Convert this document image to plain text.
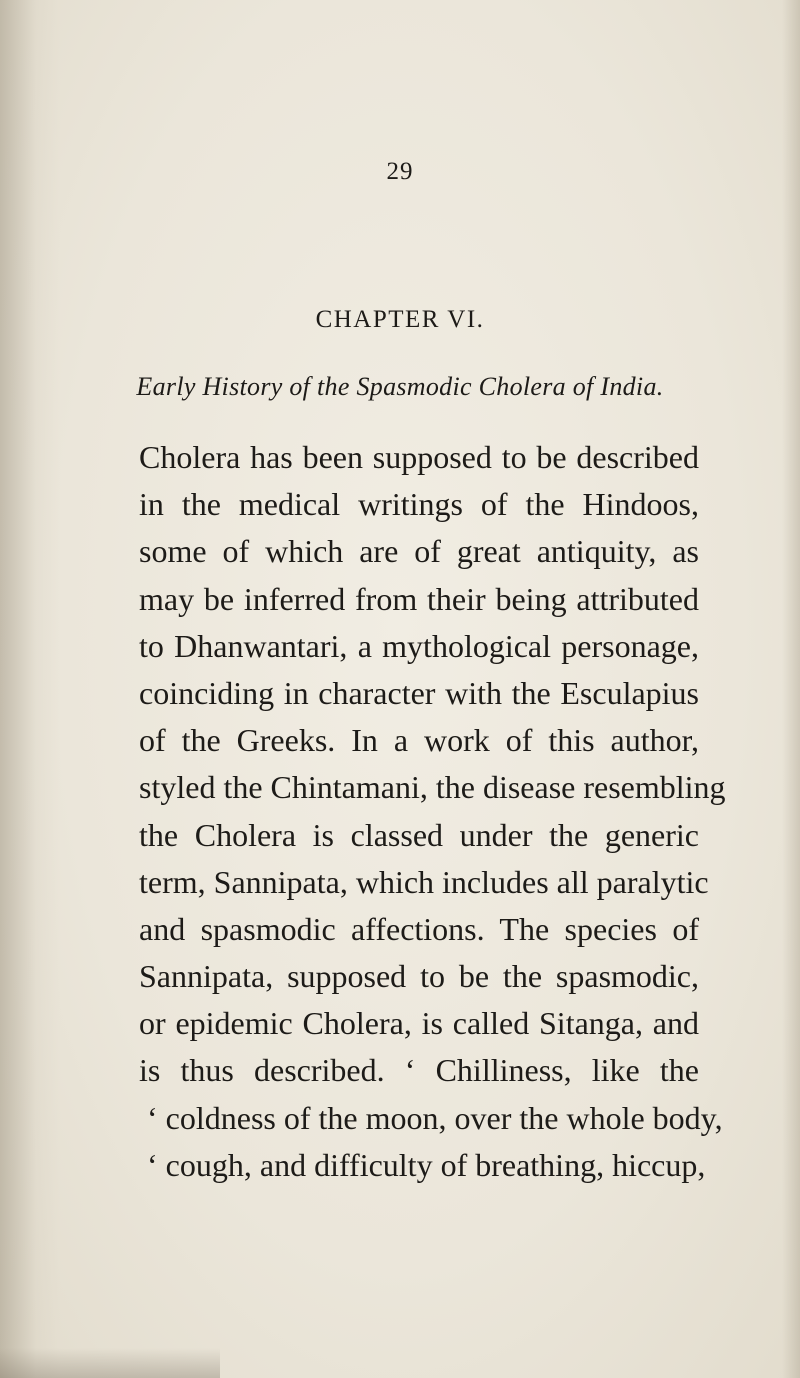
29
CHAPTER VI.
Early History of the Spasmodic Cholera of India.
Cholera has been supposed to be described
in the medical writings of the Hindoos,
some of which are of great antiquity, as
may be inferred from their being attributed
to Dhanwantari, a mythological personage,
coinciding in character with the Esculapius
of the Greeks. In a work of this author,
styled the Chintamani, the disease resembling
the Cholera is classed under the generic
term, Sannipata, which includes all paralytic
and spasmodic affections. The species of
Sannipata, supposed to be the spasmodic,
or epidemic Cholera, is called Sitanga, and
is thus described. ‘ Chilliness, like the
‘ coldness of the moon, over the whole body,
‘ cough, and difficulty of breathing, hiccup,
